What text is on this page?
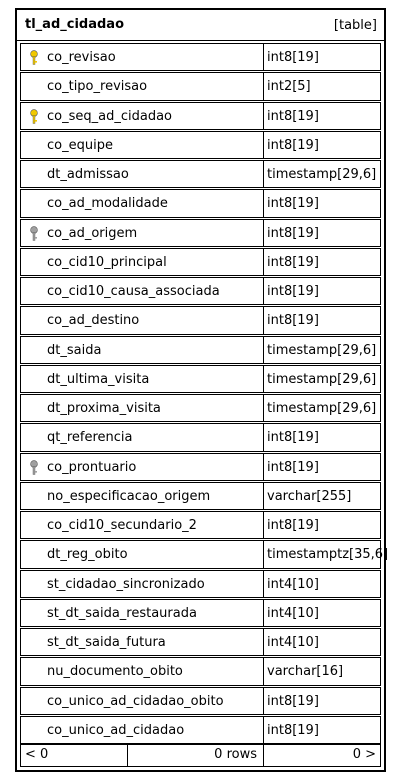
tl_ad_cidadao	[table]
co_revisao	int8[19]
co_tipo_revisao	int2[5]
co_seq_ad_cidadao	int8[19]
co_equipe	int8[19]
dt_admissao	timestamp[29,6]
co_ad_modalidade	int8[19]
co_ad_origem	int8[19]
co_cid10_principal	int8[19]
co_cid10_causa_associada	int8[19]
co_ad_destino	int8[19]
dt_saida	timestamp[29,6]
dt_ultima_visita	timestamp[29,6]
dt_proxima_visita	timestamp[29,6]
qt_referencia	int8[19]
co_prontuario	int8[19]
no_especificacao_origem	varchar[255]
co_cid10_secundario_2	int8[19]
dt_reg_obito	timestamptz[35,6]
st_cidadao_sincronizado	int4[10]
st_dt_saida_restaurada	int4[10]
st_dt_saida_futura	int4[10]
nu_documento_obito	varchar[16]
co_unico_ad_cidadao_obito	int8[19]
co_unico_ad_cidadao	int8[19]
< 0	0 rows	0 >
